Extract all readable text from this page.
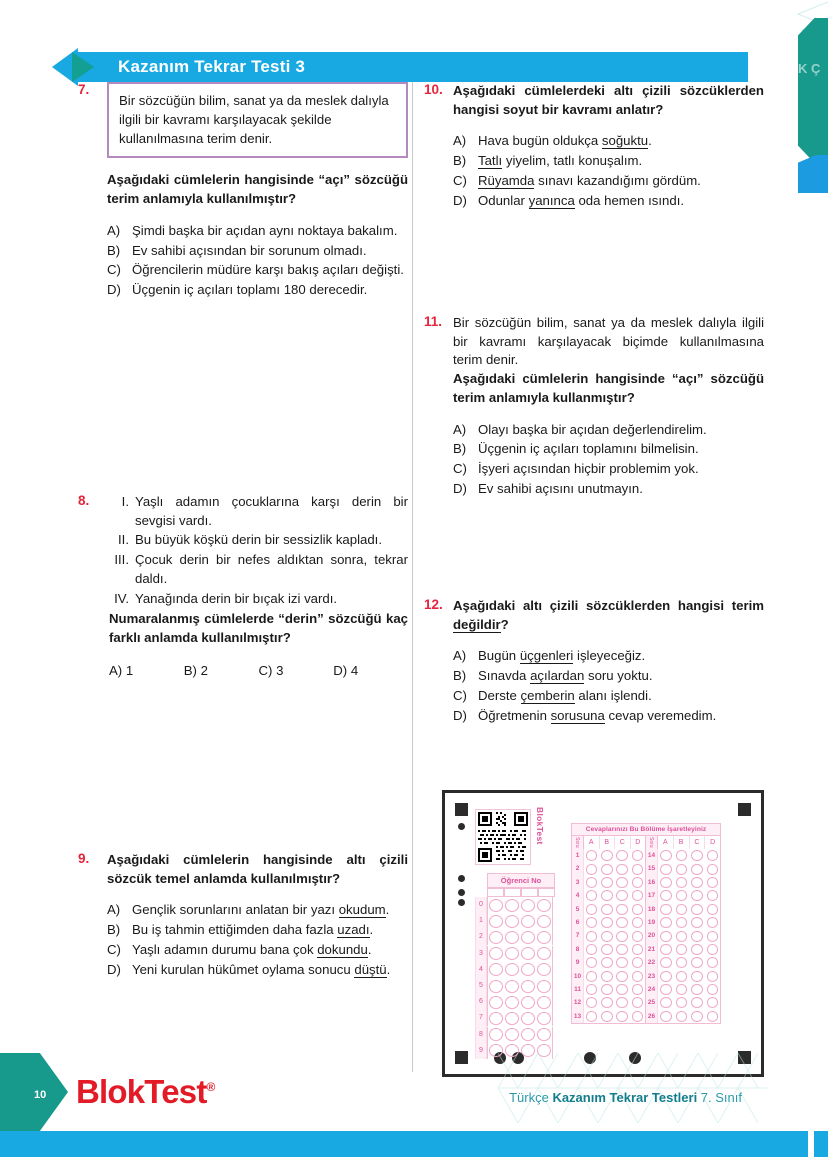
K Ç
Kazanım Tekrar Testi 3
7.
Bir sözcüğün bilim, sanat ya da meslek dalıyla ilgili bir kavramı karşılayacak şekilde kullanılmasına terim denir.
Aşağıdaki cümlelerin hangisinde “açı” sözcüğü terim anlamıyla kullanılmıştır?
A) Şimdi başka bir açıdan aynı noktaya bakalım.
B) Ev sahibi açısından bir sorunum olmadı.
C) Öğrencilerin müdüre karşı bakış açıları değişti.
D) Üçgenin iç açıları toplamı 180 derecedir.
8.	I. Yaşlı adamın çocuklarına karşı derin bir sevgisi vardı.
II. Bu büyük köşkü derin bir sessizlik kapladı.
III. Çocuk derin bir nefes aldıktan sonra, tekrar daldı.
IV. Yanağında derin bir bıçak izi vardı.
Numaralanmış cümlelerde “derin” sözcüğü kaç farklı anlamda kullanılmıştır?
A) 1	B) 2	C) 3	D) 4
9. Aşağıdaki cümlelerin hangisinde altı çizili sözcük temel anlamda kullanılmıştır?
A) Gençlik sorunlarını anlatan bir yazı okudum.
B) Bu iş tahmin ettiğimden daha fazla uzadı.
C) Yaşlı adamın durumu bana çok dokundu.
D) Yeni kurulan hükûmet oylama sonucu düştü.
10. Aşağıdaki cümlelerdeki altı çizili sözcüklerden hangisi soyut bir kavramı anlatır?
A) Hava bugün oldukça soğuktu.
B) Tatlı yiyelim, tatlı konuşalım.
C) Rüyamda sınavı kazandığımı gördüm.
D) Odunlar yanınca oda hemen ısındı.
11. Bir sözcüğün bilim, sanat ya da meslek dalıyla ilgili bir kavramı karşılayacak biçimde kullanılmasına terim denir.
Aşağıdaki cümlelerin hangisinde “açı” sözcüğü terim anlamıyla kullanmıştır?
A) Olayı başka bir açıdan değerlendirelim.
B) Üçgenin iç açıları toplamını bilmelisin.
C) İşyeri açısından hiçbir problemim yok.
D) Ev sahibi açısını unutmayın.
12. Aşağıdaki altı çizili sözcüklerden hangisi terim değildir?
A) Bugün üçgenleri işleyeceğiz.
B) Sınavda açılardan soru yoktu.
C) Derste çemberin alanı işlendi.
D) Öğretmenin sorusuna cevap veremedim.
BlokTest
Öğrenci No
0
1
2
3
4
5
6
7
8
9
Cevaplarınızı Bu Bölüme İşaretleyiniz
Soru	A	B	C	D
1
2
3
4
5
6
7
8
9
10
11
12
13
Soru	A	B	C	D
14
15
16
17
18
19
20
21
22
23
24
25
26
10 BlokTest®
Türkçe Kazanım Tekrar Testleri 7. Sınıf
